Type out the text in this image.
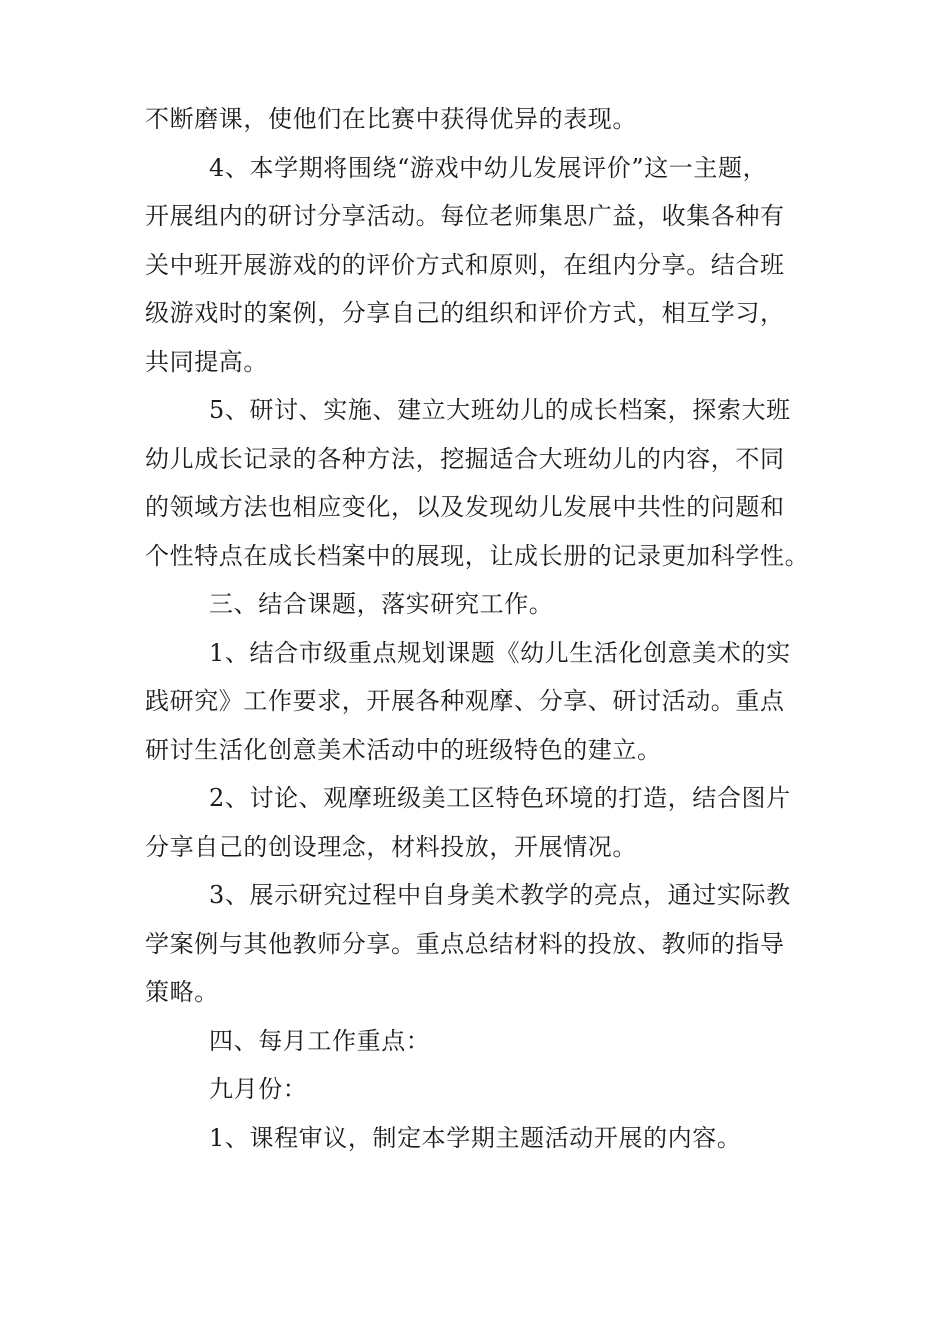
不断磨课，使他们在比赛中获得优异的表现。
4、本学期将围绕“游戏中幼儿发展评价”这一主题，
开展组内的研讨分享活动。每位老师集思广益，收集各种有
关中班开展游戏的的评价方式和原则，在组内分享。结合班
级游戏时的案例，分享自己的组织和评价方式，相互学习，
共同提高。
5、研讨、实施、建立大班幼儿的成长档案，探索大班
幼儿成长记录的各种方法，挖掘适合大班幼儿的内容，不同
的领域方法也相应变化，以及发现幼儿发展中共性的问题和
个性特点在成长档案中的展现，让成长册的记录更加科学性。
三、结合课题，落实研究工作。
1、结合市级重点规划课题《幼儿生活化创意美术的实
践研究》工作要求，开展各种观摩、分享、研讨活动。重点
研讨生活化创意美术活动中的班级特色的建立。
2、讨论、观摩班级美工区特色环境的打造，结合图片
分享自己的创设理念，材料投放，开展情况。
3、展示研究过程中自身美术教学的亮点，通过实际教
学案例与其他教师分享。重点总结材料的投放、教师的指导
策略。
四、每月工作重点：
九月份：
1、课程审议，制定本学期主题活动开展的内容。
